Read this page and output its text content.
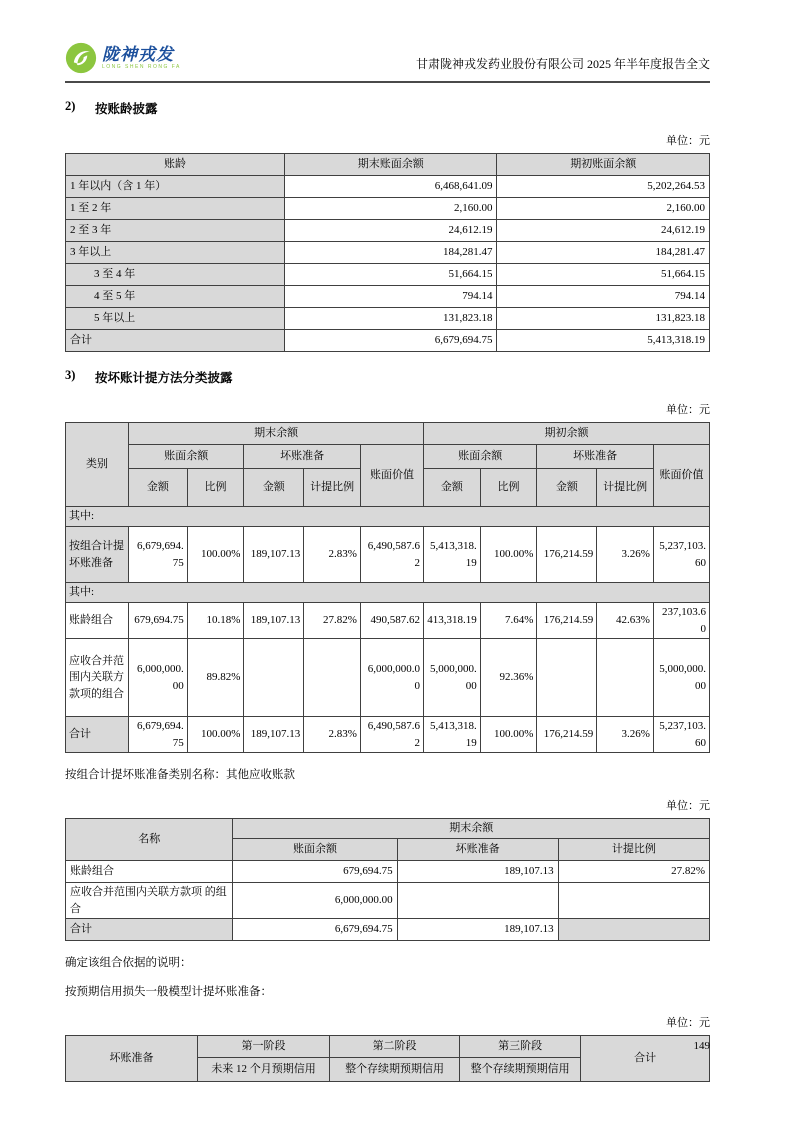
陇神戎发
LONG SHEN RONG FA	甘肃陇神戎发药业股份有限公司 2025 年半年度报告全文
2)	按账龄披露
单位：元
账龄	期末账面余额	期初账面余额
1 年以内（含 1 年）	6,468,641.09	5,202,264.53
1 至 2 年	2,160.00	2,160.00
2 至 3 年	24,612.19	24,612.19
3 年以上	184,281.47	184,281.47
3 至 4 年	51,664.15	51,664.15
4 至 5 年	794.14	794.14
5 年以上	131,823.18	131,823.18
合计	6,679,694.75	5,413,318.19
3)	按坏账计提方法分类披露
单位：元
类别	期末余额					期初余额				
	账面余额		坏账准备		账面价值	账面余额		坏账准备		账面价值
	金额	比例	金额	计提比例		金额	比例	金额	计提比例	
其中:										
按组合计提坏账准备	6,679,694.75	100.00%	189,107.13	2.83%	6,490,587.62	5,413,318.19	100.00%	176,214.59	3.26%	5,237,103.60
其中:										
账龄组合	679,694.75	10.18%	189,107.13	27.82%	490,587.62	413,318.19	7.64%	176,214.59	42.63%	237,103.60
应收合并范围内关联方款项的组合	6,000,000.00	89.82%			6,000,000.00	5,000,000.00	92.36%			5,000,000.00
合计	6,679,694.75	100.00%	189,107.13	2.83%	6,490,587.62	5,413,318.19	100.00%	176,214.59	3.26%	5,237,103.60
按组合计提坏账准备类别名称：其他应收账款
单位：元
名称	期末余额		
	账面余额	坏账准备	计提比例
账龄组合	679,694.75	189,107.13	27.82%
应收合并范围内关联方款项 的组合	6,000,000.00		
合计	6,679,694.75	189,107.13	
确定该组合依据的说明：
按预期信用损失一般模型计提坏账准备：
单位：元
坏账准备	第一阶段	第二阶段	第三阶段	合计
	未来 12 个月预期信用	整个存续期预期信用	整个存续期预期信用	
149
